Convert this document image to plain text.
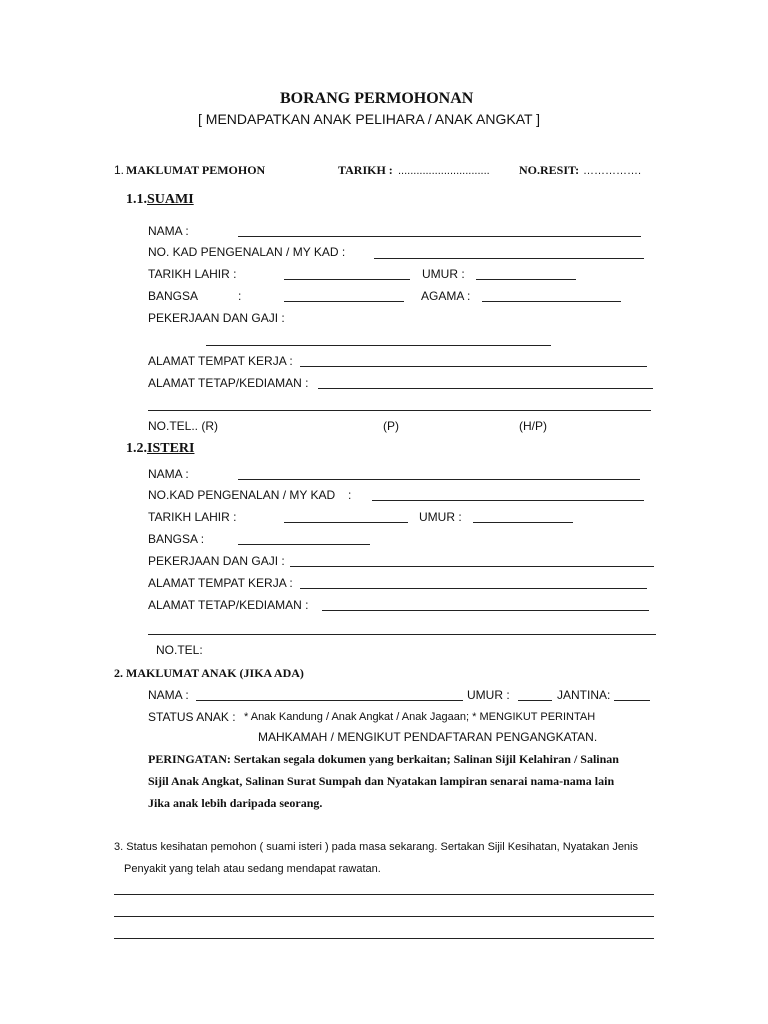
BORANG PERMOHONAN
[ MENDAPATKAN ANAK PELIHARA / ANAK ANGKAT ]
1. MAKLUMAT PEMOHON	TARIKH : .............................. NO.RESIT: …………….
1.1.SUAMI
NAMA :
NO. KAD PENGENALAN / MY KAD :
TARIKH LAHIR :	UMUR :
BANGSA	:	AGAMA :
PEKERJAAN DAN GAJI :
ALAMAT TEMPAT KERJA :
ALAMAT TETAP/KEDIAMAN :
NO.TEL.. (R)	(P)	(H/P)
1.2.ISTERI
NAMA :
NO.KAD PENGENALAN / MY KAD :
TARIKH LAHIR :	UMUR :
BANGSA :
PEKERJAAN DAN GAJI :
ALAMAT TEMPAT KERJA :
ALAMAT TETAP/KEDIAMAN :
NO.TEL:
2. MAKLUMAT ANAK (JIKA ADA)
NAMA :	UMUR :	JANTINA:
STATUS ANAK : * Anak Kandung / Anak Angkat / Anak Jagaan; * MENGIKUT PERINTAH
MAHKAMAH / MENGIKUT PENDAFTARAN PENGANGKATAN.
PERINGATAN: Sertakan segala dokumen yang berkaitan; Salinan Sijil Kelahiran / Salinan
Sijil Anak Angkat, Salinan Surat Sumpah dan Nyatakan lampiran senarai nama-nama lain
Jika anak lebih daripada seorang.
3. Status kesihatan pemohon ( suami isteri ) pada masa sekarang. Sertakan Sijil Kesihatan, Nyatakan Jenis
Penyakit yang telah atau sedang mendapat rawatan.
